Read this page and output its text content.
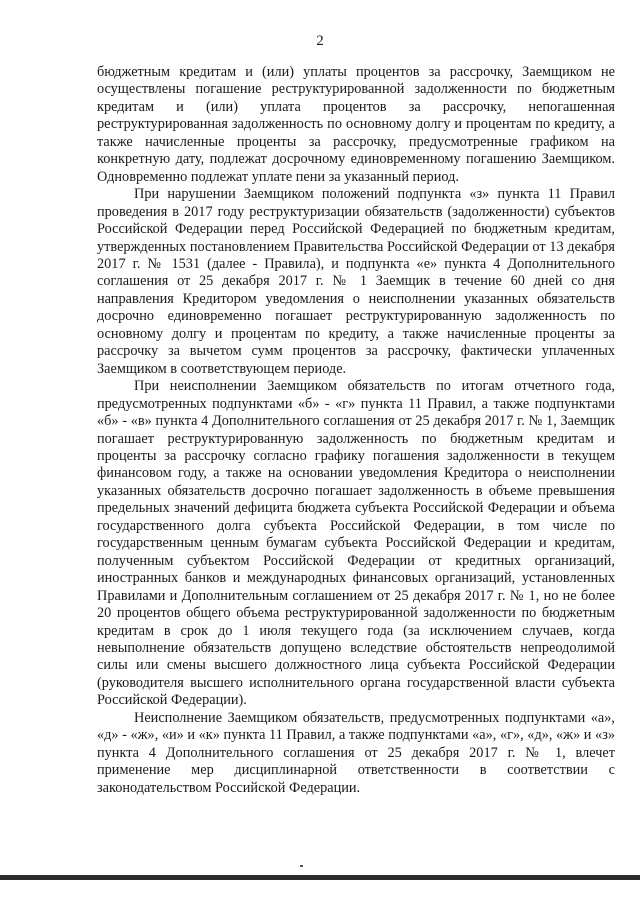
2

бюджетным кредитам и (или) уплаты процентов за рассрочку, Заемщиком не осуществлены погашение реструктурированной задолженности по бюджетным кредитам и (или) уплата процентов за рассрочку, непогашенная реструктурированная задолженность по основному долгу и процентам по кредиту, а также начисленные проценты за рассрочку, предусмотренные графиком на конкретную дату, подлежат досрочному единовременному погашению Заемщиком. Одновременно подлежат уплате пени за указанный период.

При нарушении Заемщиком положений подпункта «з» пункта 11 Правил проведения в 2017 году реструктуризации обязательств (задолженности) субъектов Российской Федерации перед Российской Федерацией по бюджетным кредитам, утвержденных постановлением Правительства Российской Федерации от 13 декабря 2017 г. № 1531 (далее - Правила), и подпункта «е» пункта 4 Дополнительного соглашения от 25 декабря 2017 г. № 1 Заемщик в течение 60 дней со дня направления Кредитором уведомления о неисполнении указанных обязательств досрочно единовременно погашает реструктурированную задолженность по основному долгу и процентам по кредиту, а также начисленные проценты за рассрочку за вычетом сумм процентов за рассрочку, фактически уплаченных Заемщиком в соответствующем периоде.

При неисполнении Заемщиком обязательств по итогам отчетного года, предусмотренных подпунктами «б» - «г» пункта 11 Правил, а также подпунктами «б» - «в» пункта 4 Дополнительного соглашения от 25 декабря 2017 г. № 1, Заемщик погашает реструктурированную задолженность по бюджетным кредитам и проценты за рассрочку согласно графику погашения задолженности в текущем финансовом году, а также на основании уведомления Кредитора о неисполнении указанных обязательств досрочно погашает задолженность в объеме превышения предельных значений дефицита бюджета субъекта Российской Федерации и объема государственного долга субъекта Российской Федерации, в том числе по государственным ценным бумагам субъекта Российской Федерации и кредитам, полученным субъектом Российской Федерации от кредитных организаций, иностранных банков и международных финансовых организаций, установленных Правилами и Дополнительным соглашением от 25 декабря 2017 г. № 1, но не более 20 процентов общего объема реструктурированной задолженности по бюджетным кредитам в срок до 1 июля текущего года (за исключением случаев, когда невыполнение обязательств допущено вследствие обстоятельств непреодолимой силы или смены высшего должностного лица субъекта Российской Федерации (руководителя высшего исполнительного органа государственной власти субъекта Российской Федерации).

Неисполнение Заемщиком обязательств, предусмотренных подпунктами «а», «д» - «ж», «и» и «к» пункта 11 Правил, а также подпунктами «а», «г», «д», «ж» и «з» пункта 4 Дополнительного соглашения от 25 декабря 2017 г. № 1, влечет применение мер дисциплинарной ответственности в соответствии с законодательством Российской Федерации.
